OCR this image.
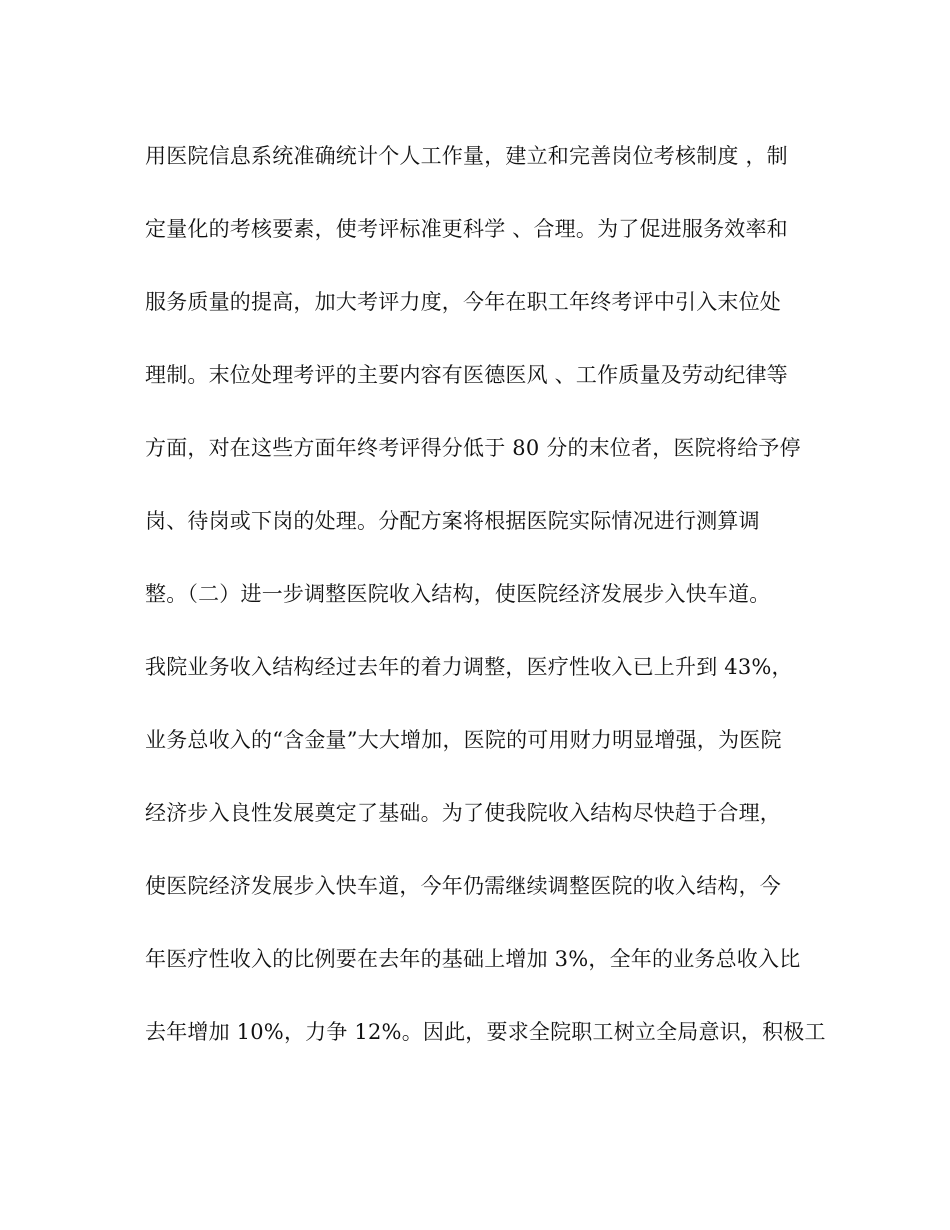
用医院信息系统准确统计个人工作量，建立和完善岗位考核制度 ，制
定量化的考核要素，使考评标准更科学 、合理。为了促进服务效率和
服务质量的提高，加大考评力度，今年在职工年终考评中引入末位处
理制。末位处理考评的主要内容有医德医风 、工作质量及劳动纪律等
方面，对在这些方面年终考评得分低于 80 分的末位者，医院将给予停
岗、待岗或下岗的处理。分配方案将根据医院实际情况进行测算调
整。（二）进一步调整医院收入结构，使医院经济发展步入快车道。
我院业务收入结构经过去年的着力调整，医疗性收入已上升到 43%，
业务总收入的“含金量”大大增加，医院的可用财力明显增强，为医院
经济步入良性发展奠定了基础。为了使我院收入结构尽快趋于合理，
使医院经济发展步入快车道，今年仍需继续调整医院的收入结构，今
年医疗性收入的比例要在去年的基础上增加 3%，全年的业务总收入比
去年增加 10%，力争 12%。因此，要求全院职工树立全局意识，积极工
